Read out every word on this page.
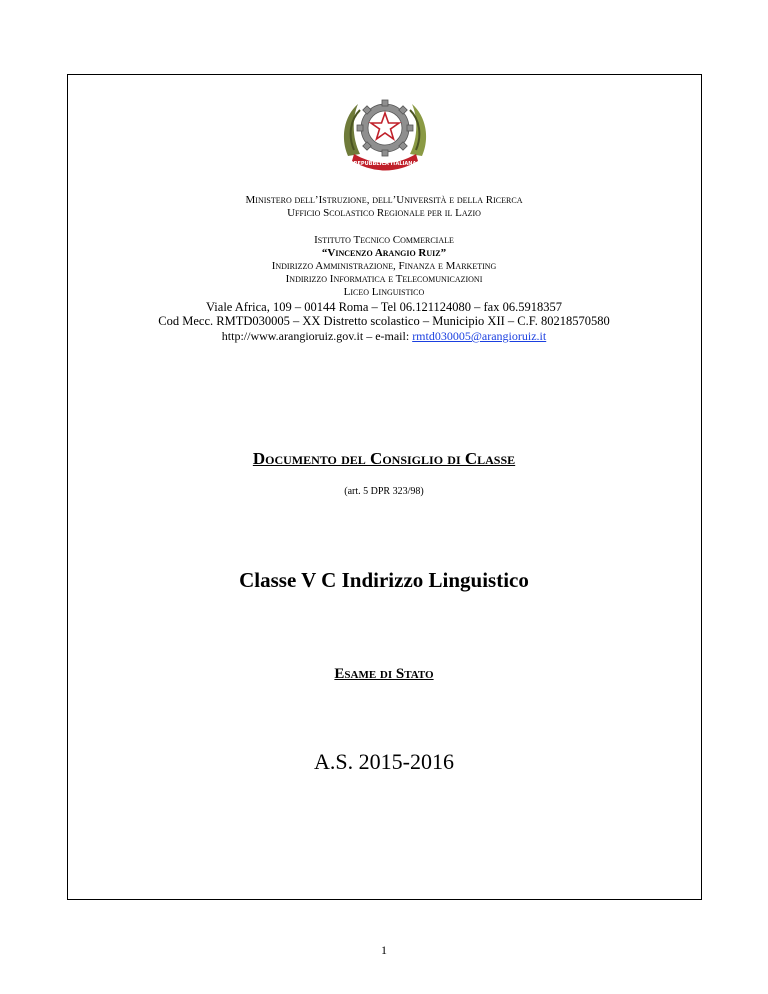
REPUBBLICA ITALIANA
Ministero dell’Istruzione, dell’Università e della Ricerca
Ufficio Scolastico Regionale per il Lazio
Istituto Tecnico Commerciale
“Vincenzo Arangio Ruiz”
Indirizzo Amministrazione, Finanza e Marketing
Indirizzo Informatica e Telecomunicazioni
Liceo Linguistico
Viale Africa, 109 – 00144 Roma – Tel 06.121124080 – fax 06.5918357
Cod Mecc. RMTD030005 – XX Distretto scolastico – Municipio XII – C.F. 80218570580
http://www.arangioruiz.gov.it – e-mail: rmtd030005@arangioruiz.it
Documento del Consiglio di Classe
(art. 5 DPR 323/98)
Classe V C Indirizzo Linguistico
Esame di Stato
A.S. 2015-2016
1
